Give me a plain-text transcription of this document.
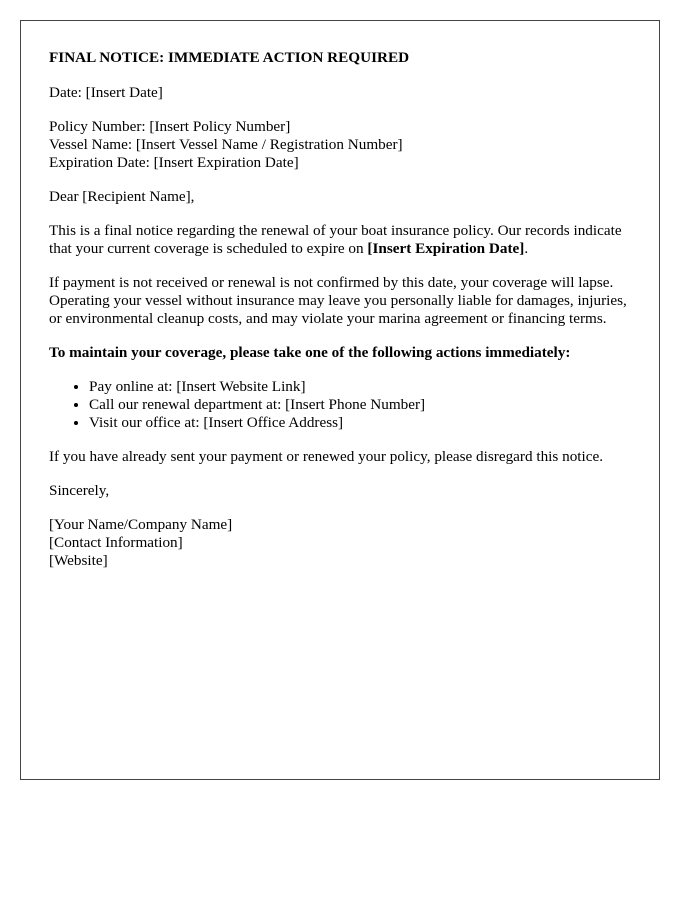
FINAL NOTICE: IMMEDIATE ACTION REQUIRED

Date: [Insert Date]

Policy Number: [Insert Policy Number]
Vessel Name: [Insert Vessel Name / Registration Number]
Expiration Date: [Insert Expiration Date]

Dear [Recipient Name],

This is a final notice regarding the renewal of your boat insurance policy. Our records indicate that your current coverage is scheduled to expire on [Insert Expiration Date].

If payment is not received or renewal is not confirmed by this date, your coverage will lapse. Operating your vessel without insurance may leave you personally liable for damages, injuries, or environmental cleanup costs, and may violate your marina agreement or financing terms.

To maintain your coverage, please take one of the following actions immediately:

• Pay online at: [Insert Website Link]
• Call our renewal department at: [Insert Phone Number]
• Visit our office at: [Insert Office Address]

If you have already sent your payment or renewed your policy, please disregard this notice.

Sincerely,

[Your Name/Company Name]
[Contact Information]
[Website]
